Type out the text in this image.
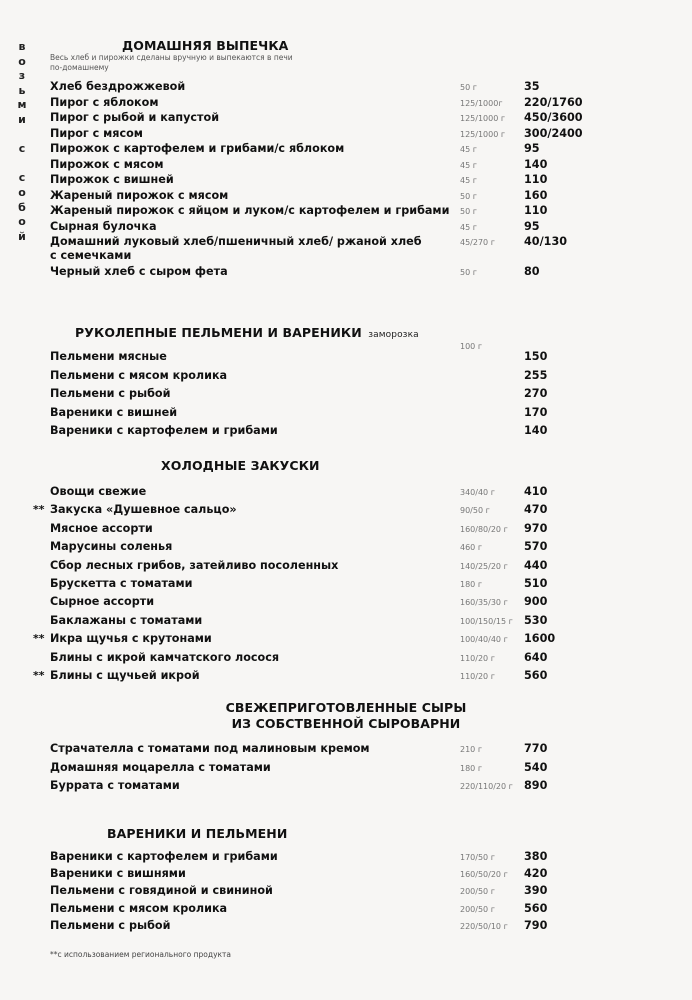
в
о
з
ь
м
и

с

с
о
б
о
й
ДОМАШНЯЯ ВЫПЕЧКА
Весь хлеб и пирожки сделаны вручную и выпекаются в печи
по-домашнему
Хлеб бездрожжевой	50 г	35
Пирог с яблоком	125/1000г 220/1760
Пирог с рыбой и капустой	125/1000 г 450/3600
Пирог с мясом	125/1000 г 300/2400
Пирожок с картофелем и грибами/с яблоком	45 г	95
Пирожок с мясом	45 г	140
Пирожок с вишней	45 г	110
Жареный пирожок с мясом	50 г	160
Жареный пирожок с яйцом и луком/с картофелем и грибами 50 г	110
Сырная булочка	45 г	95
Домашний луковый хлеб/пшеничный хлеб/ ржаной хлеб
с семечками
45/270 г	40/130
Черный хлеб с сыром фета	50 г	80
РУКОЛЕПНЫЕ ПЕЛЬМЕНИ И ВАРЕНИКИ заморозка
100 г
Пельмени мясные	150
Пельмени с мясом кролика	255
Пельмени с рыбой	270
Вареники с вишней	170
Вареники с картофелем и грибами	140
ХОЛОДНЫЕ ЗАКУСКИ
Овощи свежие	340/40 г	410
** Закуска «Душевное сальцо»	90/50 г	470
Мясное ассорти	160/80/20 г 970
Марусины соленья	460 г	570
Сбор лесных грибов, затейливо посоленных	140/25/20 г 440
Брускетта с томатами	180 г	510
Сырное ассорти	160/35/30 г 900
Баклажаны с томатами	100/150/15 г 530
** Икра щучья с крутонами	100/40/40 г 1600
Блины с икрой камчатского лосося	110/20 г	640
** Блины с щучьей икрой	110/20 г	560
СВЕЖЕПРИГОТОВЛЕННЫЕ СЫРЫ
ИЗ СОБСТВЕННОЙ СЫРОВАРНИ
Страчателла с томатами под малиновым кремом	210 г	770
Домашняя моцарелла с томатами	180 г	540
Буррата с томатами	220/110/20 г 890
ВАРЕНИКИ И ПЕЛЬМЕНИ
Вареники с картофелем и грибами	170/50 г	380
Вареники с вишнями	160/50/20 г 420
Пельмени с говядиной и свининой	200/50 г	390
Пельмени с мясом кролика	200/50 г	560
Пельмени с рыбой	220/50/10 г 790
**с использованием регионального продукта
